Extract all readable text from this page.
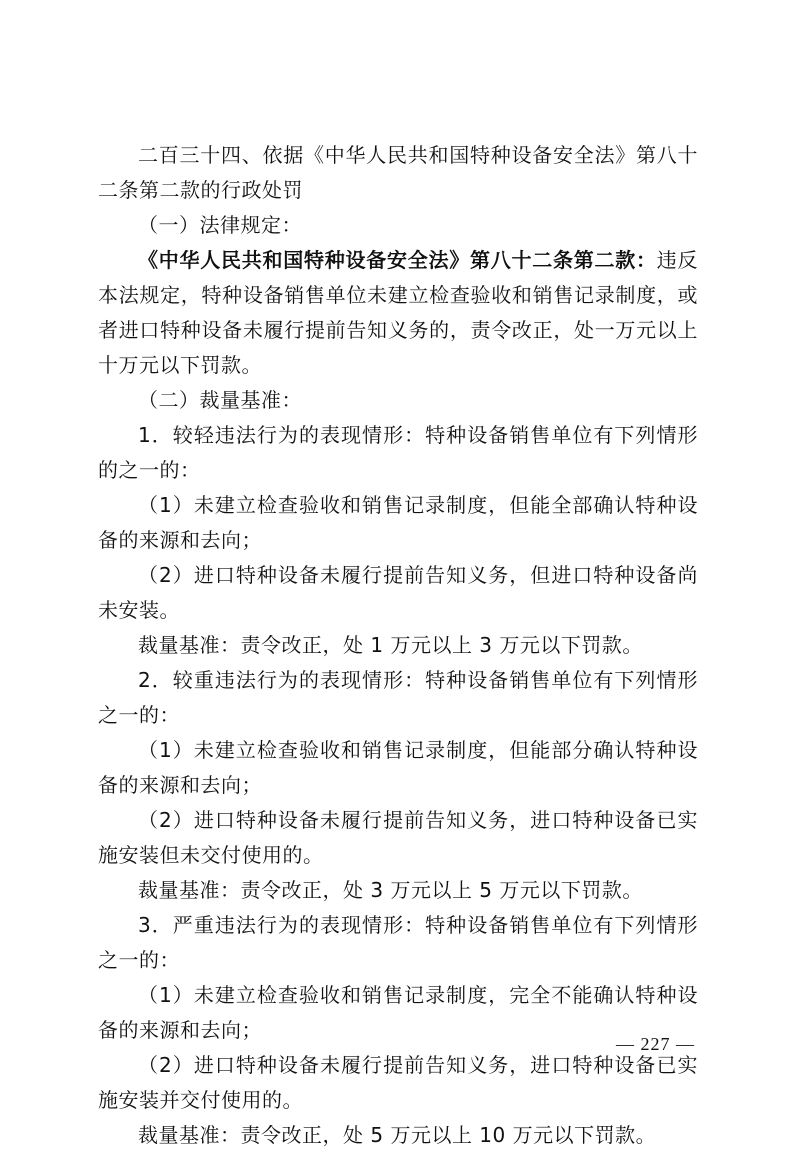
二百三十四、依据《中华人民共和国特种设备安全法》第八十二条第二款的行政处罚

（一）法律规定：

《中华人民共和国特种设备安全法》第八十二条第二款：违反本法规定，特种设备销售单位未建立检查验收和销售记录制度，或者进口特种设备未履行提前告知义务的，责令改正，处一万元以上十万元以下罚款。

（二）裁量基准：

1．较轻违法行为的表现情形：特种设备销售单位有下列情形的之一的：

（1）未建立检查验收和销售记录制度，但能全部确认特种设备的来源和去向；

（2）进口特种设备未履行提前告知义务，但进口特种设备尚未安装。

裁量基准：责令改正，处 1 万元以上 3 万元以下罚款。

2．较重违法行为的表现情形：特种设备销售单位有下列情形之一的：

（1）未建立检查验收和销售记录制度，但能部分确认特种设备的来源和去向；

（2）进口特种设备未履行提前告知义务，进口特种设备已实施安装但未交付使用的。

裁量基准：责令改正，处 3 万元以上 5 万元以下罚款。

3．严重违法行为的表现情形：特种设备销售单位有下列情形之一的：

（1）未建立检查验收和销售记录制度，完全不能确认特种设备的来源和去向；

（2）进口特种设备未履行提前告知义务，进口特种设备已实施安装并交付使用的。

裁量基准：责令改正，处 5 万元以上 10 万元以下罚款。

— 227 —
